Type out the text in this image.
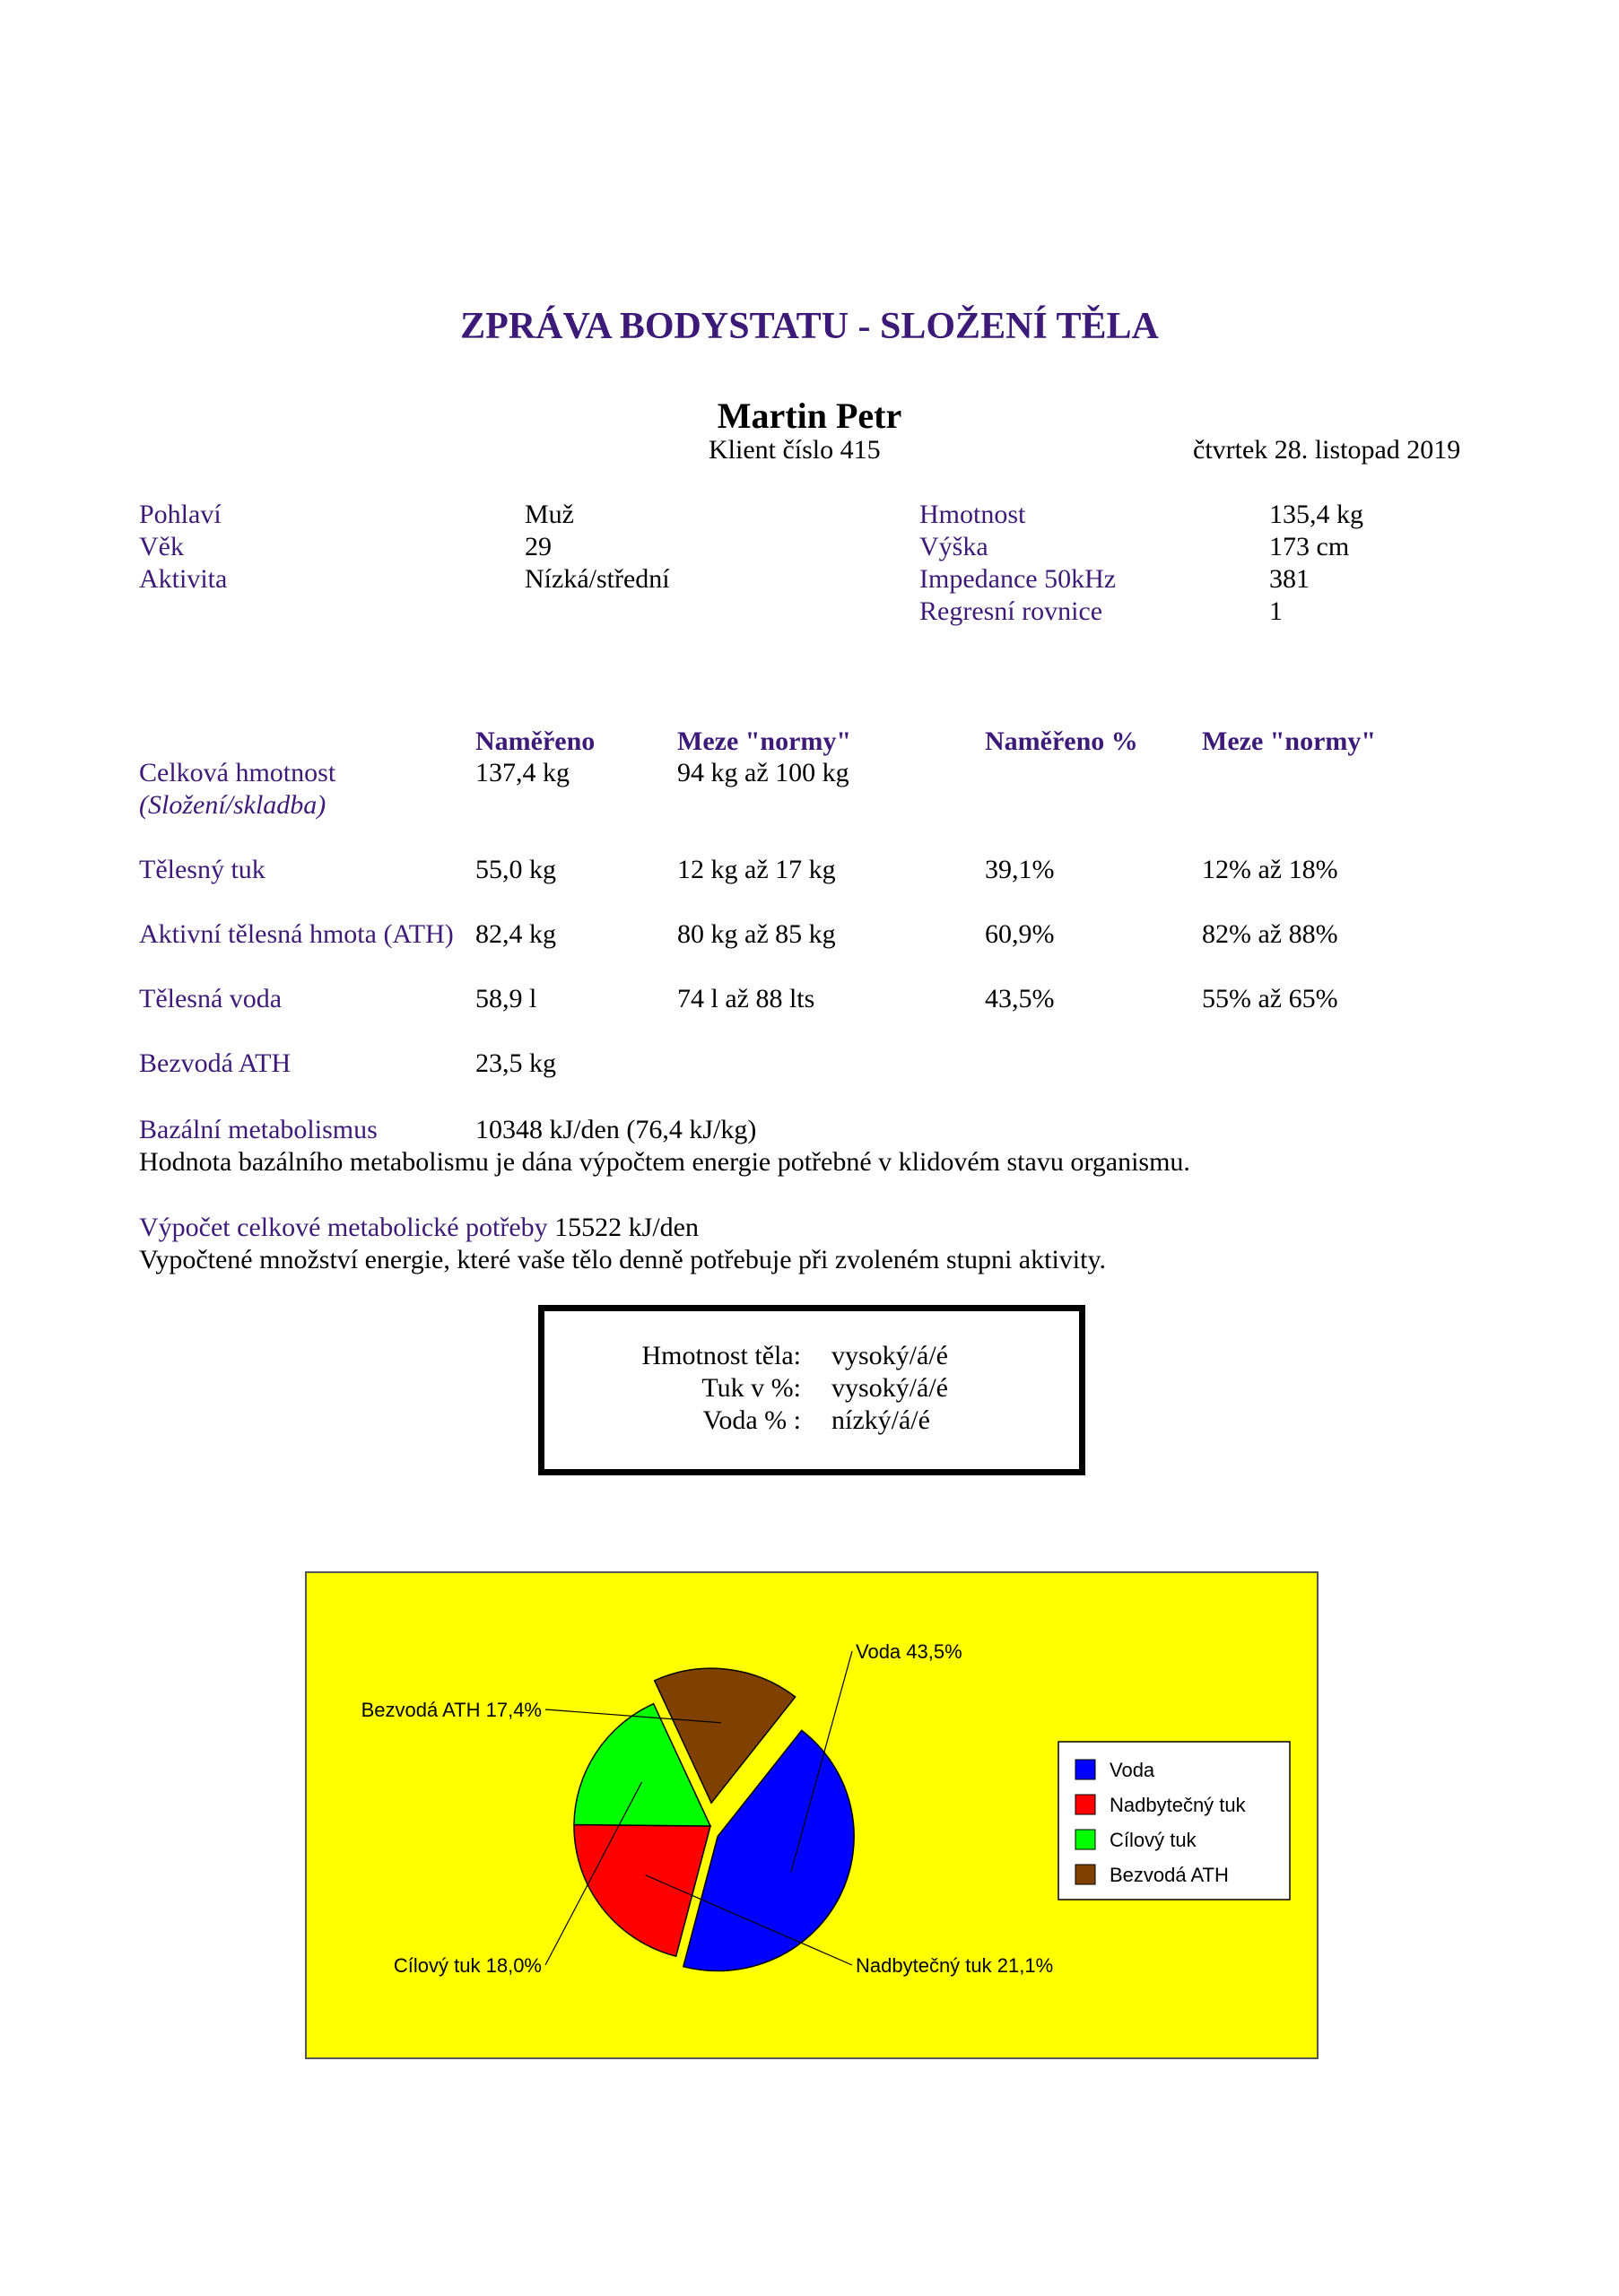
ZPRÁVA BODYSTATU - SLOŽENÍ TĚLA
Martin Petr
Klient číslo 415	čtvrtek 28. listopad 2019
Pohlaví	Muž
Věk	29
Aktivita	Nízká/střední
Hmotnost	135,4 kg
Výška	173 cm
Impedance 50kHz	381
Regresní rovnice	1
Naměřeno	Meze "normy"	Naměřeno % Meze "normy"
Celková hmotnost
(Složení/skladba)
137,4 kg	94 kg až 100 kg
Tělesný tuk	55,0 kg	12 kg až 17 kg	39,1%	12% až 18%
Aktivní tělesná hmota (ATH) 82,4 kg	80 kg až 85 kg	60,9%	82% až 88%
Tělesná voda	58,9 l	74 l až 88 lts	43,5%	55% až 65%
Bezvodá ATH	23,5 kg
Bazální metabolismus	10348 kJ/den (76,4 kJ/kg)
Hodnota bazálního metabolismu je dána výpočtem energie potřebné v klidovém stavu organismu.
Výpočet celkové metabolické potřeby 15522 kJ/den
Vypočtené množství energie, které vaše tělo denně potřebuje při zvoleném stupni aktivity.
Hmotnost těla: vysoký/á/é
Tuk v %: vysoký/á/é
Voda % : nízký/á/é
Voda 43,5%
Nadbytečný tuk 21,1%
Cílový tuk 18,0%
Bezvodá ATH 17,4%
Voda
Nadbytečný tuk
Cílový tuk
Bezvodá ATH
